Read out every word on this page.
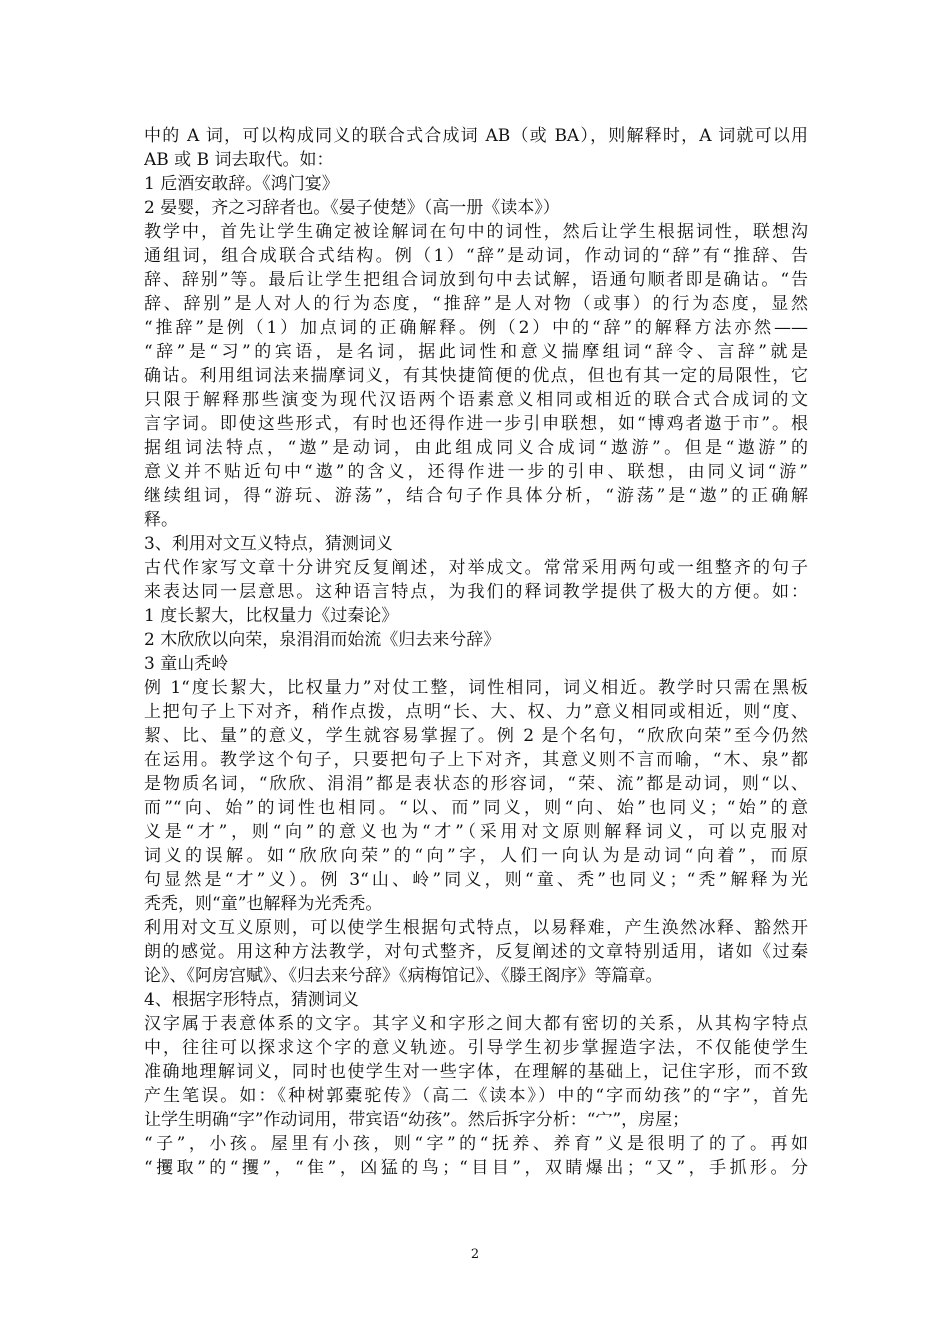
中的 A 词，可以构成同义的联合式合成词 AB（或 BA），则解释时，A 词就可以用
AB 或 B 词去取代。如：
1 卮酒安敢辞。《鸿门宴》
2 晏婴，齐之习辞者也。《晏子使楚》（高一册《读本》）
教学中，首先让学生确定被诠解词在句中的词性，然后让学生根据词性，联想沟
通组词，组合成联合式结构。例（1）“辞”是动词，作动词的“辞”有“推辞、告
辞、辞别”等。最后让学生把组合词放到句中去试解，语通句顺者即是确诂。“告
辞、辞别”是人对人的行为态度，“推辞”是人对物（或事）的行为态度，显然
“推辞”是例（1）加点词的正确解释。例（2）中的“辞”的解释方法亦然——
“辞”是“习”的宾语，是名词，据此词性和意义揣摩组词“辞令、言辞”就是
确诂。利用组词法来揣摩词义，有其快捷简便的优点，但也有其一定的局限性，它
只限于解释那些演变为现代汉语两个语素意义相同或相近的联合式合成词的文
言字词。即使这些形式，有时也还得作进一步引申联想，如“博鸡者遨于市”。根
据组词法特点，“遨”是动词，由此组成同义合成词“遨游”。但是“遨游”的
意义并不贴近句中“遨”的含义，还得作进一步的引申、联想，由同义词“游”
继续组词，得“游玩、游荡”，结合句子作具体分析，“游荡”是“遨”的正确解
释。
3、利用对文互义特点，猜测词义
古代作家写文章十分讲究反复阐述，对举成文。常常采用两句或一组整齐的句子
来表达同一层意思。这种语言特点，为我们的释词教学提供了极大的方便。如：
1 度长絜大，比权量力《过秦论》
2 木欣欣以向荣，泉涓涓而始流《归去来兮辞》
3 童山秃岭
例 1“度长絜大，比权量力”对仗工整，词性相同，词义相近。教学时只需在黑板
上把句子上下对齐，稍作点拨，点明“长、大、权、力”意义相同或相近，则“度、
絜、比、量”的意义，学生就容易掌握了。例 2 是个名句，“欣欣向荣”至今仍然
在运用。教学这个句子，只要把句子上下对齐，其意义则不言而喻，“木、泉”都
是物质名词，“欣欣、涓涓”都是表状态的形容词，“荣、流”都是动词，则“以、
而”“向、始”的词性也相同。“以、而”同义，则“向、始”也同义；“始”的意
义是“才”，则“向”的意义也为“才”（采用对文原则解释词义，可以克服对
词义的误解。如“欣欣向荣”的“向”字，人们一向认为是动词“向着”，而原
句显然是“才”义）。例 3“山、岭”同义，则“童、秃”也同义；“秃”解释为光
秃秃，则“童”也解释为光秃秃。
利用对文互义原则，可以使学生根据句式特点，以易释难，产生涣然冰释、豁然开
朗的感觉。用这种方法教学，对句式整齐，反复阐述的文章特别适用，诸如《过秦
论》、《阿房宫赋》、《归去来兮辞》《病梅馆记》、《滕王阁序》等篇章。
4、根据字形特点，猜测词义
汉字属于表意体系的文字。其字义和字形之间大都有密切的关系，从其构字特点
中，往往可以探求这个字的意义轨迹。引导学生初步掌握造字法，不仅能使学生
准确地理解词义，同时也使学生对一些字体，在理解的基础上，记住字形，而不致
产生笔误。如：《种树郭橐驼传》（高二《读本》）中的“字而幼孩”的“字”，首先
让学生明确“字”作动词用，带宾语“幼孩”。然后拆字分析：“宀”，房屋；
“子”，小孩。屋里有小孩，则“字”的“抚养、养育”义是很明了的了。再如
“攫取”的“攫”，“隹”，凶猛的鸟；“目目”，双睛爆出；“又”，手抓形。分
2
